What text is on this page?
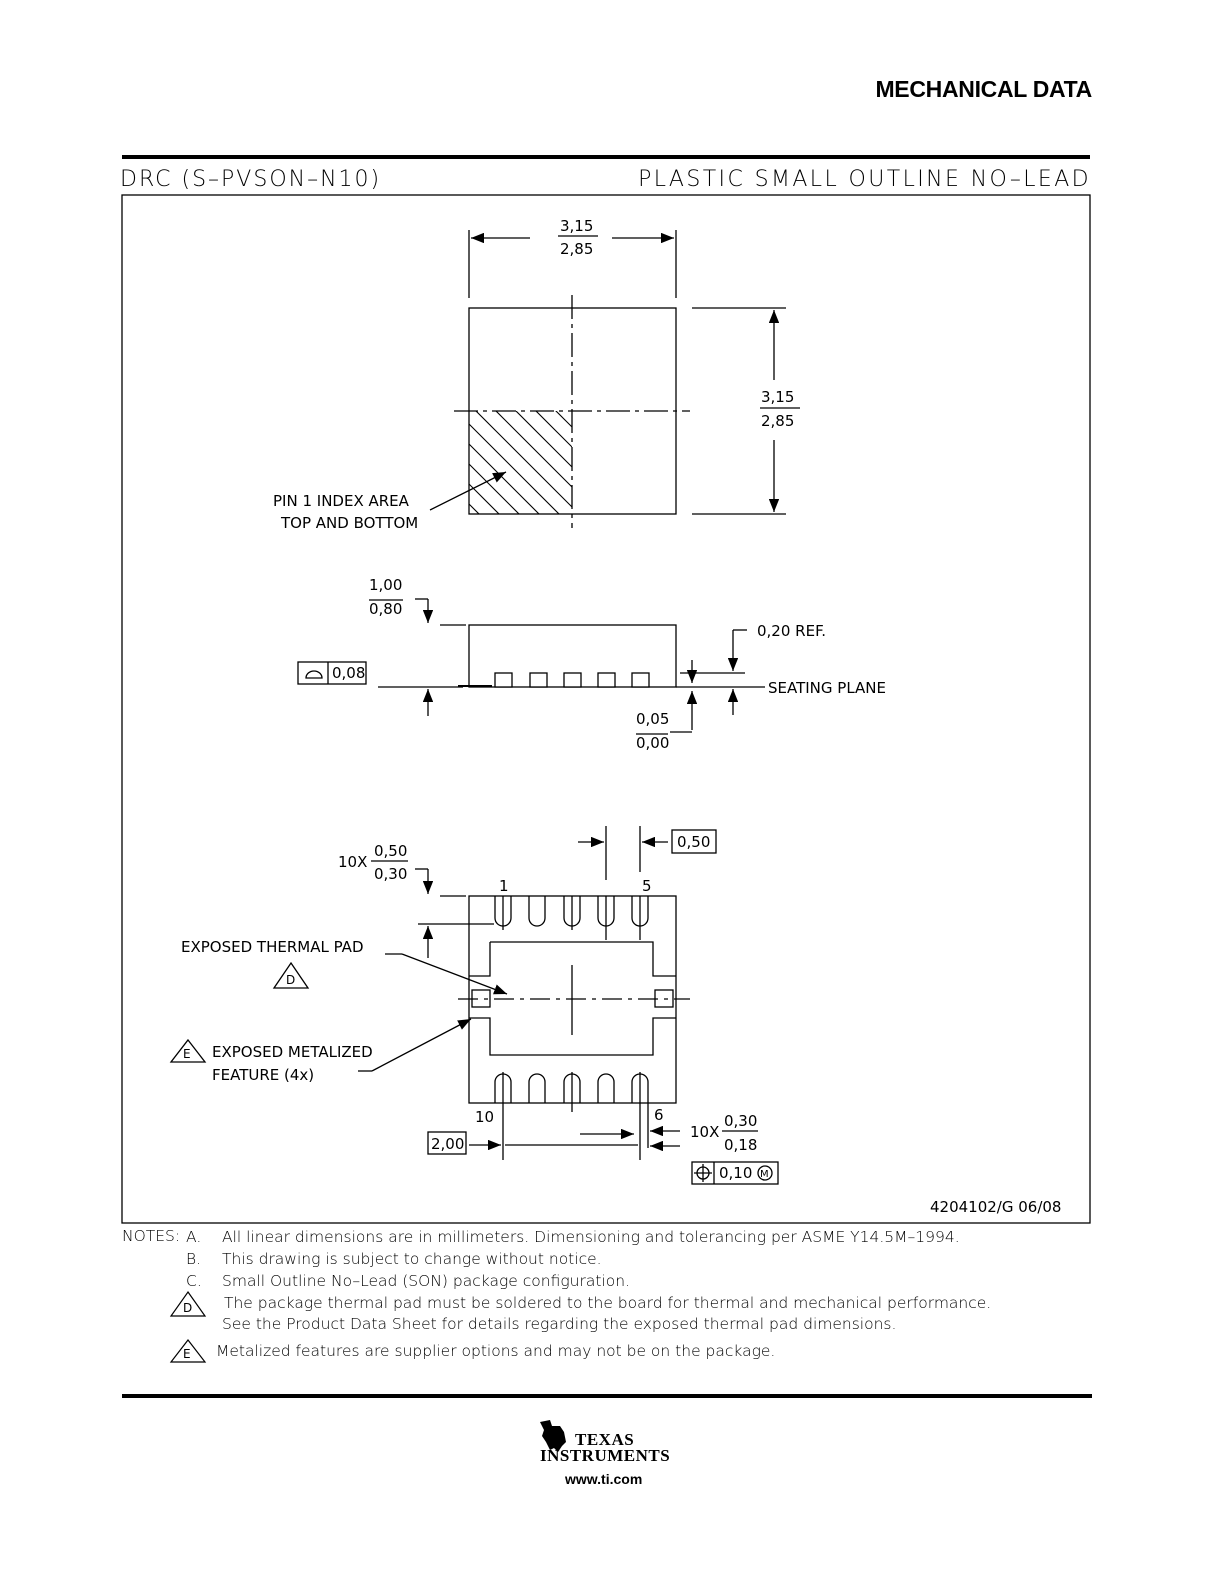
MECHANICAL DATA
DRC (S–PVSON–N10)	PLASTIC SMALL OUTLINE NO–LEAD
3,15
2,85
3,15
2,85
PIN 1 INDEX AREA
TOP AND BOTTOM
1,00
0,80
0,08
0,20 REF.
SEATING PLANE
0,05
0,00
10X
0,50
0,30
0,50
1	5
10	6
EXPOSED THERMAL PAD
D
E EXPOSED METALIZED
FEATURE (4x)
2,00
10X
0,30
0,18
0,10 M
4204102/G 06/08
D
E
NOTES: A. All linear dimensions are in millimeters. Dimensioning and tolerancing per ASME Y14.5M–1994.
B. This drawing is subject to change without notice.
C. Small Outline No–Lead (SON) package configuration.
The package thermal pad must be soldered to the board for thermal and mechanical performance.
See the Product Data Sheet for details regarding the exposed thermal pad dimensions.
Metalized features are supplier options and may not be on the package.
TEXAS
INSTRUMENTS
www.ti.com
